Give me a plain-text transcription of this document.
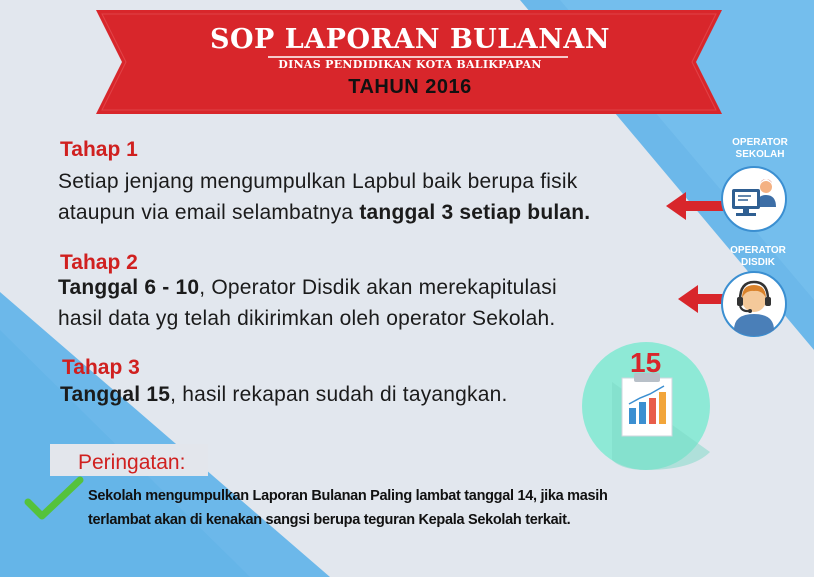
SOP LAPORAN BULANAN
DINAS PENDIDIKAN KOTA BALIKPAPAN
TAHUN 2016
Tahap 1
Setiap jenjang mengumpulkan Lapbul baik berupa fisik
ataupun via email selambatnya tanggal 3 setiap bulan.
Tahap 2
Tanggal 6 - 10, Operator Disdik akan merekapitulasi
hasil data yg telah dikirimkan oleh operator Sekolah.
Tahap 3
Tanggal 15, hasil rekapan sudah di tayangkan.
OPERATOR
SEKOLAH
OPERATOR
DISDIK
15
Peringatan:
Sekolah mengumpulkan Laporan Bulanan Paling lambat tanggal 14, jika masih
terlambat akan di kenakan sangsi berupa teguran Kepala Sekolah terkait.
